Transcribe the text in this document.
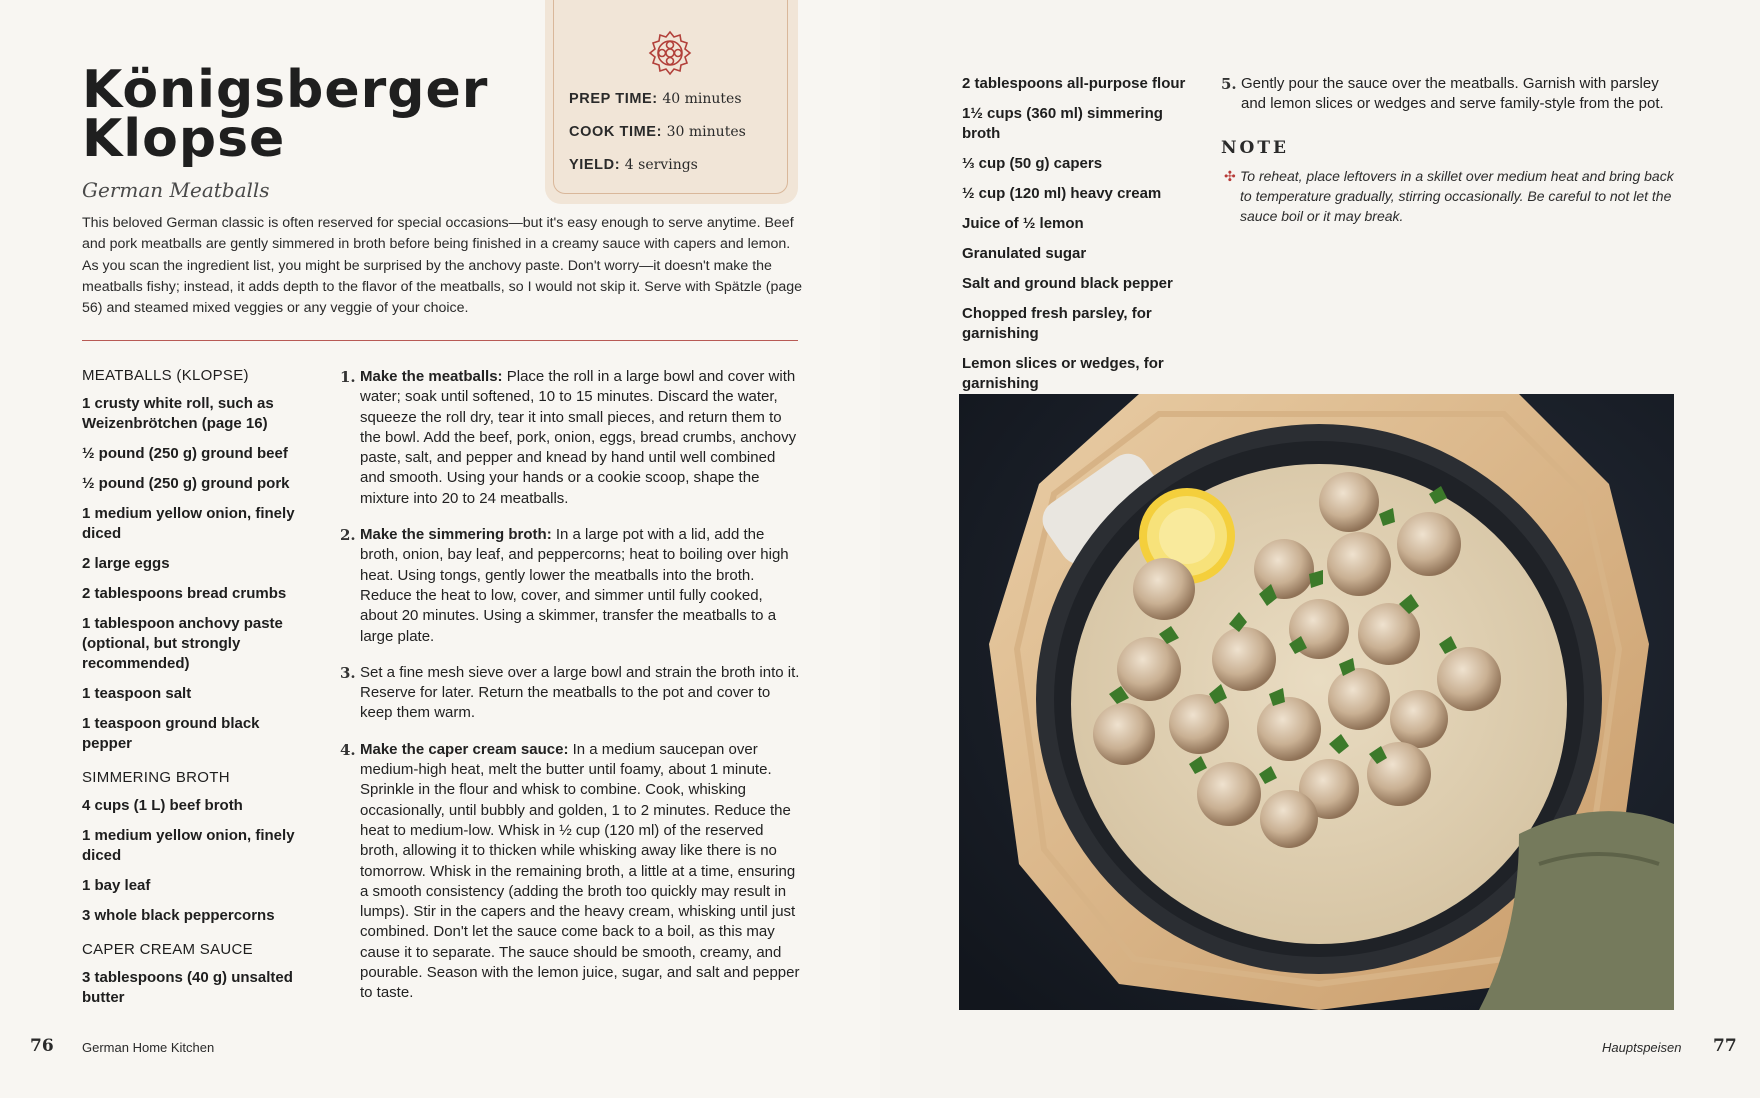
Königsberger Klopse

German Meatballs

PREP TIME: 40 minutes
COOK TIME: 30 minutes
YIELD: 4 servings

This beloved German classic is often reserved for special occasions—but it's easy enough to serve anytime. Beef and pork meatballs are gently simmered in broth before being finished in a creamy sauce with capers and lemon. As you scan the ingredient list, you might be surprised by the anchovy paste. Don't worry—it doesn't make the meatballs fishy; instead, it adds depth to the flavor of the meatballs, so I would not skip it. Serve with Spätzle (page 56) and steamed mixed veggies or any veggie of your choice.

MEATBALLS (KLOPSE)
1 crusty white roll, such as Weizenbrötchen (page 16)
½ pound (250 g) ground beef
½ pound (250 g) ground pork
1 medium yellow onion, finely diced
2 large eggs
2 tablespoons bread crumbs
1 tablespoon anchovy paste (optional, but strongly recommended)
1 teaspoon salt
1 teaspoon ground black pepper
SIMMERING BROTH
4 cups (1 L) beef broth
1 medium yellow onion, finely diced
1 bay leaf
3 whole black peppercorns
CAPER CREAM SAUCE
3 tablespoons (40 g) unsalted butter
1. Make the meatballs: Place the roll in a large bowl and cover with water; soak until softened, 10 to 15 minutes. Discard the water, squeeze the roll dry, tear it into small pieces, and return them to the bowl. Add the beef, pork, onion, eggs, bread crumbs, anchovy paste, salt, and pepper and knead by hand until well combined and smooth. Using your hands or a cookie scoop, shape the mixture into 20 to 24 meatballs.
2. Make the simmering broth: In a large pot with a lid, add the broth, onion, bay leaf, and peppercorns; heat to boiling over high heat. Using tongs, gently lower the meatballs into the broth. Reduce the heat to low, cover, and simmer until fully cooked, about 20 minutes. Using a skimmer, transfer the meatballs to a large plate.
3. Set a fine mesh sieve over a large bowl and strain the broth into it. Reserve for later. Return the meatballs to the pot and cover to keep them warm.
4. Make the caper cream sauce: In a medium saucepan over medium-high heat, melt the butter until foamy, about 1 minute. Sprinkle in the flour and whisk to combine. Cook, whisking occasionally, until bubbly and golden, 1 to 2 minutes. Reduce the heat to medium-low. Whisk in ½ cup (120 ml) of the reserved broth, allowing it to thicken while whisking away like there is no tomorrow. Whisk in the remaining broth, a little at a time, ensuring a smooth consistency (adding the broth too quickly may result in lumps). Stir in the capers and the heavy cream, whisking until just combined. Don't let the sauce come back to a boil, as this may cause it to separate. The sauce should be smooth, creamy, and pourable. Season with the lemon juice, sugar, and salt and pepper to taste.
76 German Home Kitchen
2 tablespoons all-purpose flour
1½ cups (360 ml) simmering broth
⅓ cup (50 g) capers
½ cup (120 ml) heavy cream
Juice of ½ lemon
Granulated sugar
Salt and ground black pepper
Chopped fresh parsley, for garnishing
Lemon slices or wedges, for garnishing
5. Gently pour the sauce over the meatballs. Garnish with parsley and lemon slices or wedges and serve family-style from the pot.
NOTE
✣ To reheat, place leftovers in a skillet over medium heat and bring back to temperature gradually, stirring occasionally. Be careful to not let the sauce boil or it may break.
Hauptspeisen 77
